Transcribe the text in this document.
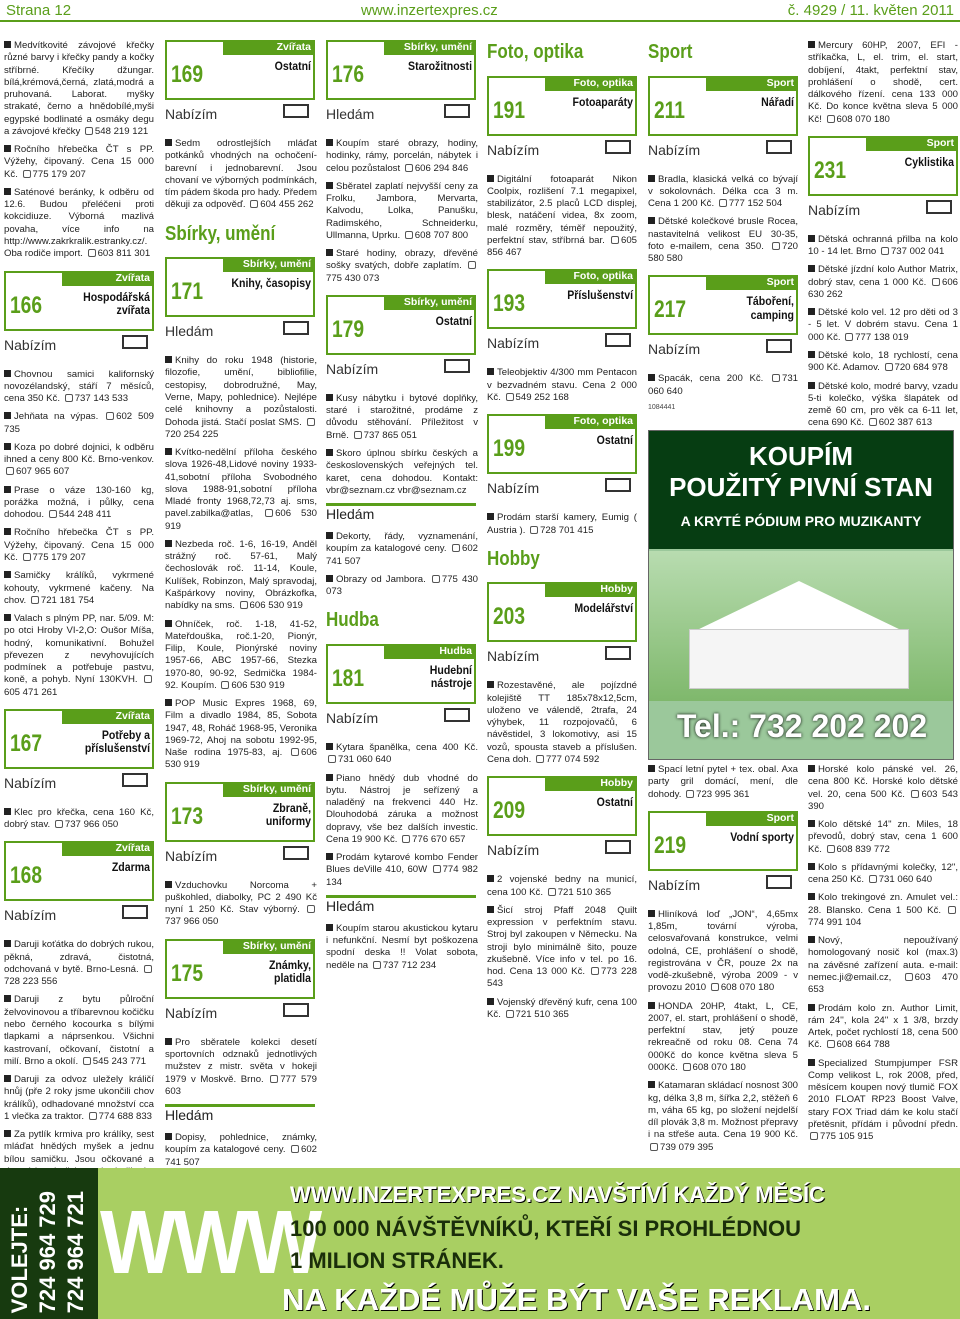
Strana 12	www.inzertexpres.cz	č. 4929 / 11. květen 2011
Medvítkovité závojové křečky různé barvy i křečky pandy a kočky stříbrné. Křečíky džungar. bílá,krémová,černá, zlatá,modrá a pruhovaná. Laborat. myšky strakaté, černo a hnědobílé,myši egypské bodlinaté a osmáky degu a závojové křečky 548 219 121
Ročního hřebečka ČT s PP. Výžehy, čipovaný. Cena 15 000 Kč. 775 179 207
Saténové beránky, k odběru od 12.6. Budou přeléčeni proti kokcidiuze. Výborná mazlivá povaha, více info na http://www.zakrkralik.estranky.cz/. Oba rodiče import. 603 811 301
Zvířata
166	Hospodářská zvířata
Nabízím
Chovnou samici kalifornský novozélandský, stáří 7 měsíců, cena 350 Kč. 737 143 533
Jehňata na výpas. 602 509 735
Koza po dobré dojnici, k odběru ihned a ceny 800 Kč. Brno-venkov. 607 965 607
Prase o váze 130-160 kg, porážka možná, i půlky, cena dohodou. 544 248 411
Ročního hřebečka ČT s PP. Výžehy, čipovaný. Cena 15 000 Kč. 775 179 207
Samičky králíků, vykrmené kohouty, vykrmené kačeny. Na chov. 721 181 754
Valach s plným PP, nar. 5/09. M: po otci Hroby VI-2,O: Oušor Míša, hodný, komunikativní. Bohužel převezen z nevyhovujících podmínek a potřebuje pastvu, koně, a pohyb. Nyní 130KVH. 605 471 261
Zvířata
167	Potřeby a příslušenství
Nabízím
Klec pro křečka, cena 160 Kč, dobrý stav. 737 966 050
Zvířata
168	Zdarma
Nabízím
Daruji koťátka do dobrých rukou, pěkná, zdravá, čistotná, odchovaná v bytě. Brno-Lesná. 728 223 556
Daruji z bytu půlroční želvovinovou a tříbarevnou kočičku nebo černého kocourka s bílými tlapkami a náprsenkou. Všichni kastrovaní, očkovaní, čistotní a milí. Brno a okolí. 545 243 771
Daruji za odvoz uležely králičí hnůj (pře 2 roky jsme ukončili chov králíků), odhadované množství cca 1 vlečka za traktor. 774 688 833
Za pytlík krmiva pro králíky, sest mláďat hnědých myšek a jednu bílou samičku. Jsou očkované a
Zvířata
169	Ostatní
Nabízím
Sedm odrostlejších mláďat potkánků vhodných na ochočení-barevní i jednobarevní. Jsou chovaní ve výborných podmínkách, tím pádem škoda pro hady. Předem děkuji za odpověď. 604 455 262
Sbírky, umění
Sbírky, umění
171 Knihy, časopisy
Hledám
Knihy do roku 1948 (historie, filozofie, umění, bibliofilie, cestopisy, dobrodružné, May, Verne, Mapy, pohlednice). Nejlépe celé knihovny a pozůstalosti. Dohoda jistá. Stačí poslat SMS. 720 254 225
Kvítko-nedělní příloha českého slova 1926-48,Lidové noviny 1933-41,sobotní příloha Svobodného slova 1988-91,sobotní příloha Mladé fronty 1968,72,73 aj. sms, pavel.zabilka@atlas, 606 530 919
Nezbeda roč. 1-6, 16-19, Anděl strážný roč. 57-61, Malý čechoslovák roč. 11-14, Koule, Kulíšek, Robinzon, Malý spravodaj, Kašpárkovy noviny, Obrázkofka, nabídky na sms. 606 530 919
Ohníček, roč. 1-18, 41-52, Mateřdouška, roč.1-20, Pionýr, Filip, Koule, Pionýrské noviny 1957-66, ABC 1957-66, Stezka 1970-80, 90-92, Sedmička 1984-92. Koupím. 606 530 919
POP Music Expres 1968, 69, Film a divadlo 1984, 85, Sobota 1947, 48, Roháč 1968-95, Veronika 1969-72, Ahoj na sobotu 1992-95, Naše rodina 1975-83, aj. 606 530 919
Sbírky, umění
173	Zbraně, uniformy
Nabízím
Vzduchovku Norcoma + puškohled, diabolky, PC 2 490 Kč nyní 1 250 Kč. Stav výborný. 737 966 050
Sbírky, umění
175	Známky, platidla
Nabízím
Pro sběratele kolekci desetí sportovních odznaků jednotlivých mužstev z mistr. světa v hokeji 1979 v Moskvě. Brno. 777 579 603
Hledám
Dopisy, pohlednice, známky, koupím za katalogové ceny. 602 741 507
Sbírky, umění
176	Starožitnosti
Hledám
Koupím staré obrazy, hodiny, hodinky, rámy, porcelán, nábytek i celou pozůstalost 606 294 846
Sběratel zaplatí nejvyšší ceny za Frolku, Jambora, Mervarta, Kalvodu, Lolka, Panušku, Radimského, Schneiderku, Ullmanna, Uprku. 608 707 800
Staré hodiny, obrazy, dřevěné sošky svatých, dobře zaplatím. 775 430 073
Sbírky, umění
179	Ostatní
Nabízím
Kusy nábytku i bytové doplňky, staré i starožitné, prodáme z důvodu stěhování. Příležitost v Brně. 737 865 051
Skoro úplnou sbírku českých a československých veřejných tel. karet, cena dohodou. Kontakt: vbr@seznam.cz vbr@seznam.cz
Hledám
Dekorty, řády, vyznamenání, koupím za katalogové ceny. 602 741 507
Obrazy od Jambora. 775 430 073
Hudba
Hudba
181	Hudební nástroje
Nabízím
Kytara španělka, cena 400 Kč. 731 060 640
Piano hnědý dub vhodné do bytu. Nástroj je seřízený a naladěný na frekvenci 440 Hz. Dlouhodobá záruka a možnost dopravy, vše bez dalších investic. Cena 19 900 Kč. 776 670 657
Prodám kytarové kombo Fender Blues deVille 410, 60W 774 982 134
Hledám
Koupím starou akustickou kytaru i nefunkční. Nesmí byt poškozena spodní deska !! Volat sobota, neděle na 737 712 234
Foto, optika
Foto, optika
191	Fotoaparáty
Nabízím
Digitální fotoaparát Nikon Coolpix, rozlišení 7.1 megapixel, stabilizátor, 2.5 placů LCD displej, blesk, natáčení videa, 8x zoom, malé rozměry, téměř nepoužitý, perfektní stav, stříbrná bar. 605 856 467
Foto, optika
193	Příslušenství
Nabízím
Teleobjektiv 4/300 mm Pentacon v bezvadném stavu. Cena 2 000 Kč. 549 252 168
Foto, optika
199	Ostatní
Nabízím
Prodám starší kamery, Eumig ( Austria ). 728 701 415
Hobby
Hobby
203	Modelářství
Nabízím
Rozestavěné, ale pojízdné kolejiště TT 185x78x12,5cm, uloženo ve válendě, 2trafa, 24 výhybek, 11 rozpojovačů, 6 návěstidel, 3 lokomotivy, asi 15 vozů, spousta staveb a příslušen. Cena doh. 777 074 592
Hobby
209	Ostatní
Nabízím
2 vojenské bedny na municí, cena 100 Kč. 721 510 365
Šicí stroj Pfaff 2048 Quilt expression v perfektním stavu. Stroj byl zakoupen v Německu. Na stroji bylo minimálně šito, pouze zkušebně. Více info v tel. po 16. hod. Cena 13 000 Kč. 773 228 543
Vojenský dřevěný kufr, cena 100 Kč. 721 510 365
Sport
Sport
211	Nářadí
Nabízím
Bradla, klasická velká co bývají v sokolovnách. Délka cca 3 m. Cena 1 200 Kč. 777 152 504
Dětské kolečkové brusle Rocea, nastavitelná velikost EU 30-35, foto e-mailem, cena 350. 720 580 580
Sport
217	Táboření, camping
Nabízím
Spacák, cena 200 Kč. 731 060 640
1084441
Mercury 60HP, 2007, EFI - stříkačka, L, el. trim, el. start, dobíjení, 4takt, perfektní stav, prohlášení o shodě, cert. dálkového řízení. cena 133 000 Kč. Do konce května sleva 5 000 Kč! 608 070 180
Sport
231	Cyklistika
Nabízím
Dětská ochranná přilba na kolo 10 - 14 let. Brno 737 002 041
Dětské jízdní kolo Author Matrix, dobrý stav, cena 1 000 Kč. 606 630 262
Dětské kolo vel. 12 pro děti od 3 - 5 let. V dobrém stavu. Cena 1 000 Kč. 777 138 019
Dětské kolo, 18 rychlostí, cena 900 Kč. Adamov. 720 684 978
Dětské kolo, modré barvy, vzadu 5-ti kolečko, výška šlapátek od země 60 cm, pro věk ca 6-11 let, cena 690 Kč. 602 387 613
KOUPÍM
POUŽITÝ PIVNÍ STAN
A KRYTÉ PÓDIUM PRO MUZIKANTY
Tel.: 732 202 202
Spací letní pytel + tex. obal. Axa party gril domácí, mení, dle dohody. 723 995 361
Sport
219	Vodní sporty
Nabízím
Hliníková loď „JON“, 4,65mx 1,85m, tovární výroba, celosvařovaná konstrukce, velmi odolná, CE, prohlášení o shodě, registrována v ČR, pouze 2x na vodě-zkušebně, výroba 2009 - v provozu 2010 608 070 180
HONDA 20HP, 4takt, L, CE, 2007, el. start, prohlášení o shodě, perfektní stav, jetý pouze rekreačně od roku 08. Cena 74 000Kč do konce května sleva 5 000Kč. 608 070 180
Katamaran skládací nosnost 300 kg, délka 3,8 m, šířka 2,2, stěžeň 6 m, váha 65 kg, po složení nejdelší díl plovák 3,8 m. Možnost přepravy i na střeše auta. Cena 19 900 Kč. 739 079 395
Horské kolo pánské vel. 26, cena 800 Kč. Horské kolo dětské vel. 20, cena 500 Kč. 603 543 390
Kolo dětské 14" zn. Miles, 18 převodů, dobrý stav, cena 1 600 Kč. 608 839 772
Kolo s přídavnými kolečky, 12", cena 250 Kč. 731 060 640
Kolo trekingové zn. Amulet vel.: 28. Blansko. Cena 1 500 Kč. 774 991 104
Nový, nepoužívaný homologovaný nosič kol (max.3) na závěsné zařízení auta. e-mail: nemec.ji@email.cz, 603 470 653
Prodám kolo zn. Author Limit, rám 24'', kola 24'' x 1 3/8, brzdy Artek, počet rychlostí 18, cena 500 Kč. 608 664 788
Specialized Stumpjumper FSR Comp velikost L, rok 2008, před, měsícem koupen nový tlumič FOX 2010 FLOAT RP23 Boost Valve, stary FOX Triad dám ke kolu stačí přetěsnit, přídám i původní předn. 775 105 915
VOLEJTE: 724 964 729 724 964 721 WWW
WWW.INZERTEXPRES.CZ NAVŠTÍVÍ KAŽDÝ MĚSÍC
100 000 NÁVŠTĚVNÍKŮ, KTEŘÍ SI PROHLÉDNOU
1 MILION STRÁNEK.
NA KAŽDÉ MŮŽE BÝT VAŠE REKLAMA.
